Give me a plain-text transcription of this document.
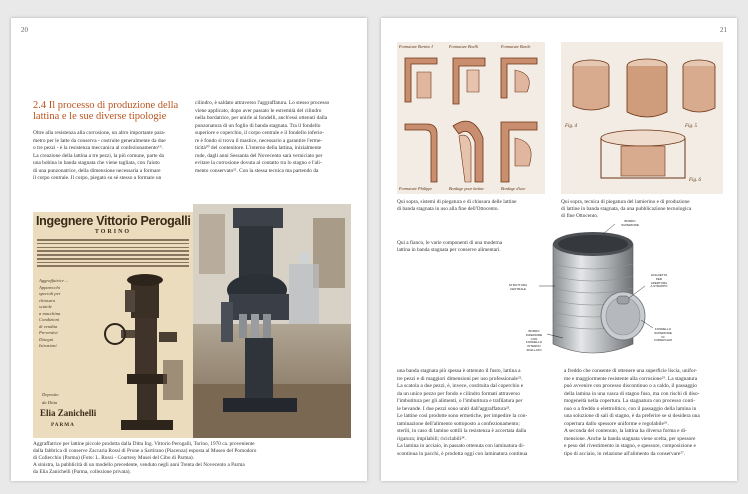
20
2.4 Il processo di produzione della lattina e le sue diverse tipologie

Oltre alla resistenza alla corrosione, un altro importante para-

metro per le latte da conserva - costruite generalmente da due

o tre pezzi - è la resistenza meccanica al confezionamento¹⁹.

La creazione della lattina a tre pezzi, la più comune, parte da

una bobina in banda stagnata che viene tagliata, con l'aiuto

di una punzonatrice, della dimensione necessaria a formare

il corpo centrale. Il corpo, piegato su sé stesso a formare un

cilindro, è saldato attraverso l'aggraffatura. Lo stesso processo

viene applicato, dopo aver passato le estremità del cilindro

nella bordatrice, per unirle ai fondelli, anch'essi ottenuti dalla

punzonatura di un foglio di banda stagnata. Tra il fondello

superiore e coperchio, il corpo centrale e il fondello inferio-

re è fondo sì trova il mastice, necessario a garantire l'erme-

ticità²⁰ del contenitore. L'interno della lattina, inizialmente

rude, dagli anni Sessanta del Novecento sarà verniciato per

evitare la corrosione dovuta al contatto tra lo stagno e l'ali-

mento conservato²¹. Con la stessa tecnica ma partendo da

Ingegnere Vittorio Perogalli
TORINO

Aggraffatrice ...

Apparecchi

speciali per

chiusura

scatole

a macchina

Condizioni

di vendita

Preventivi

Disegni

Istruzioni

Deposito
da Ditta
Elia Zanichelli
PARMA

Aggraffatrice per lattine piccole prodotta dalla Ditta Ing. Vittorio Perogalli, Torino, 1970 ca. proveniente

dalla fabbrica di conserve Zaccaria Rossi di Prone a Sartirano (Piacenza) esposta al Museo del Pomodoro

di Collecchio (Parma) (Foto: L. Rossi - Courtesy Musei del Cibo di Parma).

A sinistra, la pubblicità di un modello precedente, venduto negli anni Trenta del Novecento a Parma

da Elia Zanichelli (Parma, collezione privata).

21
Formature Bertine I	Formature Boelli	Formature Barile
Formature Philippe	Bordage pour lattine	Bordage d'une
Fig. 4	Fig. 5
Fig. 6

Qui sopra, sistemi di piegatura e di chiusura delle lattine

di banda stagnata in uso alla fine dell'Ottocento.

Qui sopra, tecnica di piegatura del lamierino e di produzione

di lattine in banda stagnata, da una pubblicazione tecnologica

di fine Ottocento.

Qui a fianco, le varie componenti di una moderna

lattina in banda stagnata per conserve alimentari.

BORDO
SUPERIORE
LINGUETTA
PER
APERTURA
A STRAPPO
STRUTTURA
CENTRALE
BORDO
INFERIORE
CON
FONDELLO
INTERNO
SIGILLATO
FONDELLO
SUPERIORE
DI
COPERCHIO

una banda stagnata più spessa è ottenuto il fusto, lattina a

tre pezzi e di maggiori dimensioni per uso professionale²².

La scatola a due pezzi, è, invece, costituita dal coperchio e

da un unico pezzo per fondo e cilindro formati attraverso

l'imbutitura per gli alimenti, o l'imbutitura e trafilatura per

le bevande. I due pezzi sono uniti dall'aggraffatura²³.

Le lattine così prodotte sono ermetiche, per impedire la con-

taminazione dell'alimento sottoposto a confezionamento;

sterili, in caso di lamine sottili la resistenza è accertata dalla

rigatura; impilabili; riciclabili²⁴.

La lamina in acciaio, in passato ottenuta con laminatura di-

scontinua in pacchi, è prodotta oggi con laminatura continua

a freddo che consente di ottenere una superficie liscia, unifor-

me e maggiormente resistente alla corrosione²⁵. La stagnatura

può avvenire con processo discontinuo o a caldo, il passaggio

della lamina in una vasca di stagno fuso, ma con rischi di diso-

mogeneità nella copertura. La stagnatura con processo conti-

nuo o a freddo o elettrolitico, con il passaggio della lamina in

una soluzione di sali di stagno, è da preferire se si desidera una

copertura dallo spessore uniforme e regolabile²⁶.

A seconda del contenuto, la lattina ha diversa forma e di-

mensione. Anche la banda stagnata viene scelta, per spessore

e peso del rivestimento in stagno, e spessore, composizione e

tipo di acciaio, in relazione all'alimento da conservare²⁷.
